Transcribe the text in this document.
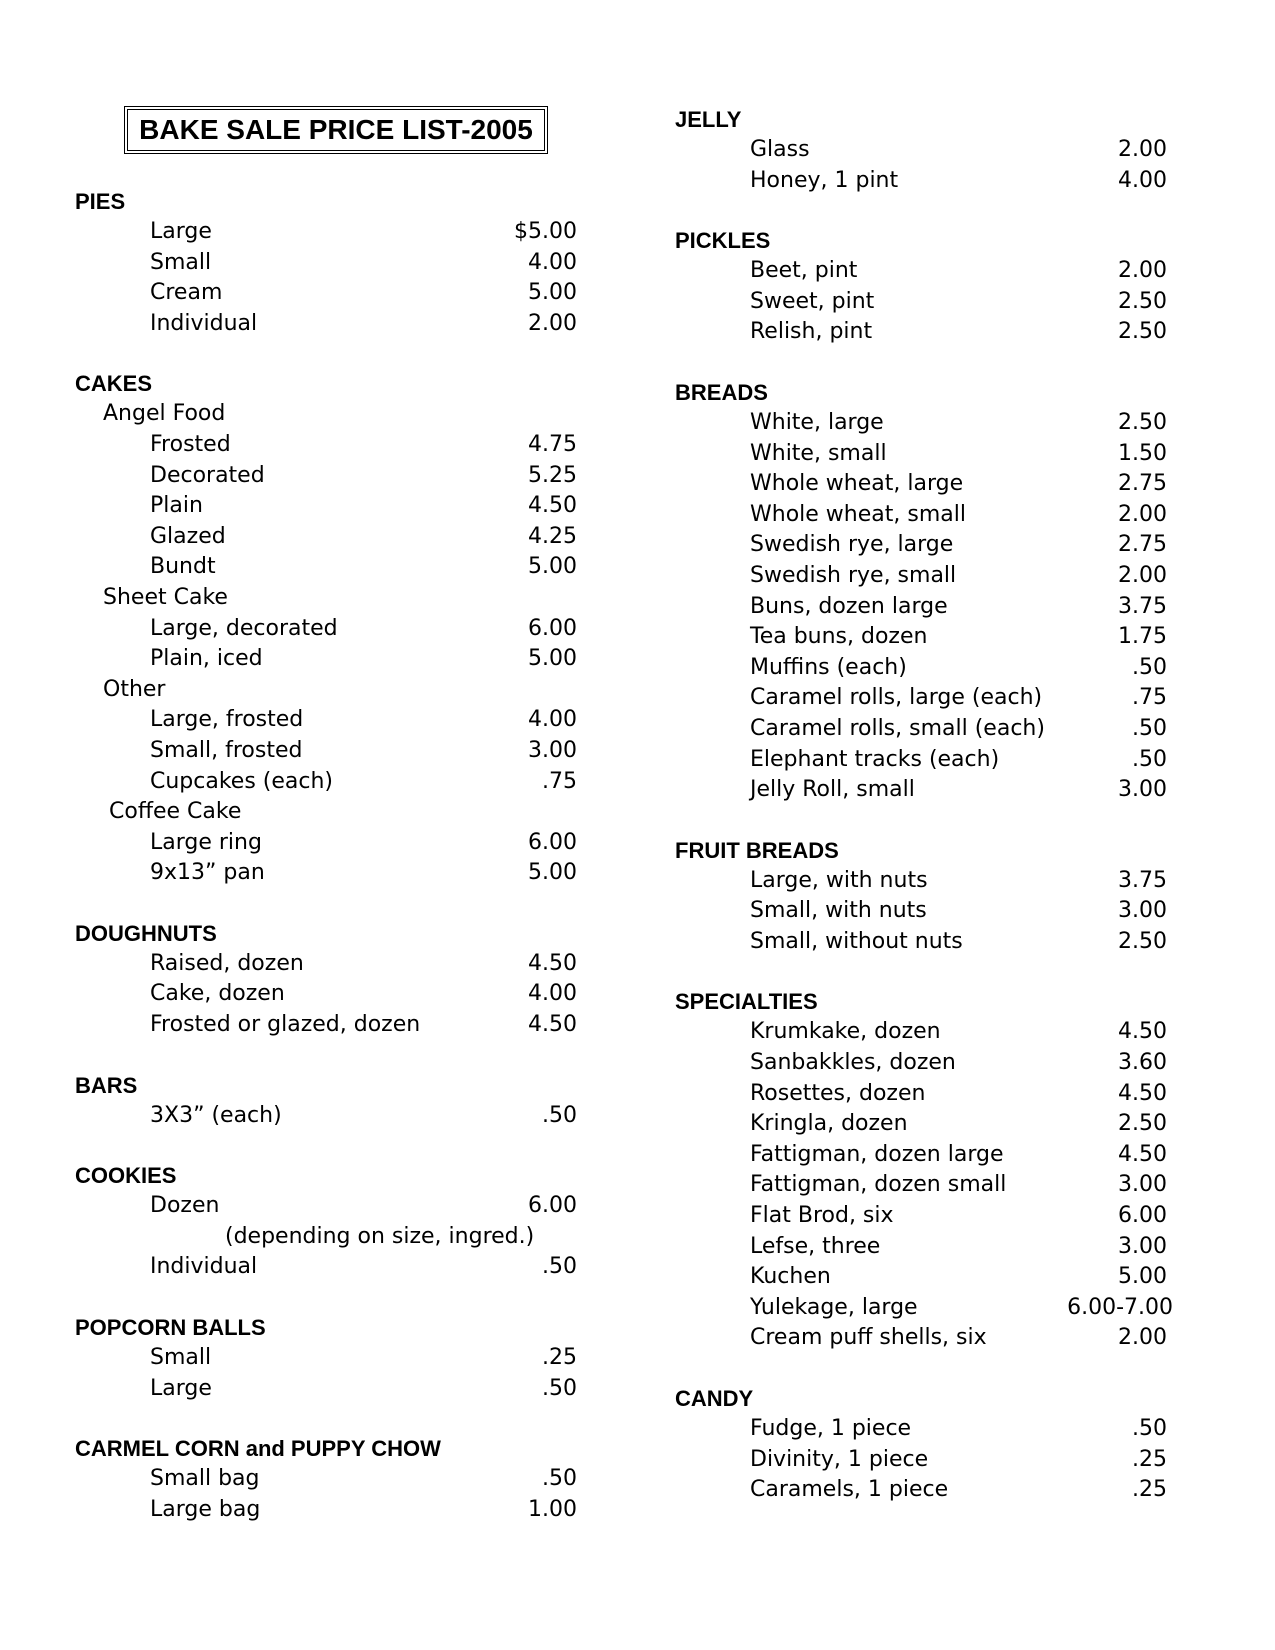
BAKE SALE PRICE LIST-2005
PIES
Large	$5.00
Small	4.00
Cream	5.00
Individual	2.00
CAKES
Angel Food
Frosted	4.75
Decorated	5.25
Plain	4.50
Glazed	4.25
Bundt	5.00
Sheet Cake
Large, decorated	6.00
Plain, iced	5.00
Other
Large, frosted	4.00
Small, frosted	3.00
Cupcakes (each)	.75
Coffee Cake
Large ring	6.00
9x13” pan	5.00
DOUGHNUTS
Raised, dozen	4.50
Cake, dozen	4.00
Frosted or glazed, dozen	4.50
BARS
3X3” (each)	.50
COOKIES
Dozen	6.00
(depending on size, ingred.)
Individual	.50
POPCORN BALLS
Small	.25
Large	.50
CARMEL CORN and PUPPY CHOW
Small bag	.50
Large bag	1.00
JELLY
Glass	2.00
Honey, 1 pint	4.00
PICKLES
Beet, pint	2.00
Sweet, pint	2.50
Relish, pint	2.50
BREADS
White, large	2.50
White, small	1.50
Whole wheat, large	2.75
Whole wheat, small	2.00
Swedish rye, large	2.75
Swedish rye, small	2.00
Buns, dozen large	3.75
Tea buns, dozen	1.75
Muffins (each)	.50
Caramel rolls, large (each)	.75
Caramel rolls, small (each)	.50
Elephant tracks (each)	.50
Jelly Roll, small	3.00
FRUIT BREADS
Large, with nuts	3.75
Small, with nuts	3.00
Small, without nuts	2.50
SPECIALTIES
Krumkake, dozen	4.50
Sanbakkles, dozen	3.60
Rosettes, dozen	4.50
Kringla, dozen	2.50
Fattigman, dozen large	4.50
Fattigman, dozen small	3.00
Flat Brod, six	6.00
Lefse, three	3.00
Kuchen	5.00
Yulekage, large	6.00-7.00
Cream puff shells, six	2.00
CANDY
Fudge, 1 piece	.50
Divinity, 1 piece	.25
Caramels, 1 piece	.25
